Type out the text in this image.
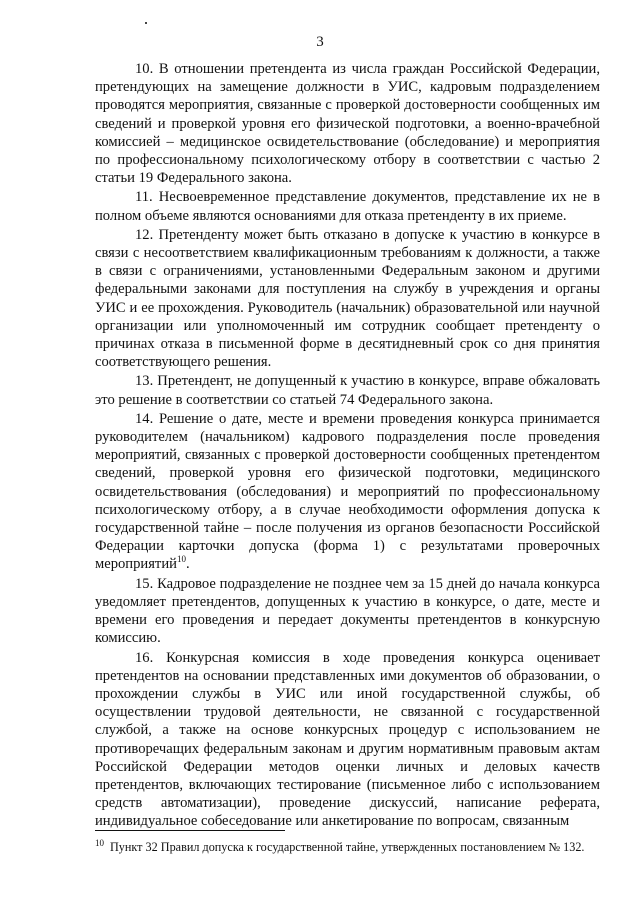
3

10. В отношении претендента из числа граждан Российской Федерации, претендующих на замещение должности в УИС, кадровым подразделением проводятся мероприятия, связанные с проверкой достоверности сообщенных им сведений и проверкой уровня его физической подготовки, а военно-врачебной комиссией – медицинское освидетельствование (обследование) и мероприятия по профессиональному психологическому отбору в соответствии с частью 2 статьи 19 Федерального закона.

11. Несвоевременное представление документов, представление их не в полном объеме являются основаниями для отказа претенденту в их приеме.

12. Претенденту может быть отказано в допуске к участию в конкурсе в связи с несоответствием квалификационным требованиям к должности, а также в связи с ограничениями, установленными Федеральным законом и другими федеральными законами для поступления на службу в учреждения и органы УИС и ее прохождения. Руководитель (начальник) образовательной или научной организации или уполномоченный им сотрудник сообщает претенденту о причинах отказа в письменной форме в десятидневный срок со дня принятия соответствующего решения.

13. Претендент, не допущенный к участию в конкурсе, вправе обжаловать это решение в соответствии со статьей 74 Федерального закона.

14. Решение о дате, месте и времени проведения конкурса принимается руководителем (начальником) кадрового подразделения после проведения мероприятий, связанных с проверкой достоверности сообщенных претендентом сведений, проверкой уровня его физической подготовки, медицинского освидетельствования (обследования) и мероприятий по профессиональному психологическому отбору, а в случае необходимости оформления допуска к государственной тайне – после получения из органов безопасности Российской Федерации карточки допуска (форма 1) с результатами проверочных мероприятий$^{10}$.

15. Кадровое подразделение не позднее чем за 15 дней до начала конкурса уведомляет претендентов, допущенных к участию в конкурсе, о дате, месте и времени его проведения и передает документы претендентов в конкурсную комиссию.

16. Конкурсная комиссия в ходе проведения конкурса оценивает претендентов на основании представленных ими документов об образовании, о прохождении службы в УИС или иной государственной службы, об осуществлении трудовой деятельности, не связанной с государственной службой, а также на основе конкурсных процедур с использованием не противоречащих федеральным законам и другим нормативным правовым актам Российской Федерации методов оценки личных и деловых качеств претендентов, включающих тестирование (письменное либо с использованием средств автоматизации), проведение дискуссий, написание реферата, индивидуальное собеседование или анкетирование по вопросам, связанным

$^{10}$ Пункт 32 Правил допуска к государственной тайне, утвержденных постановлением № 132.
